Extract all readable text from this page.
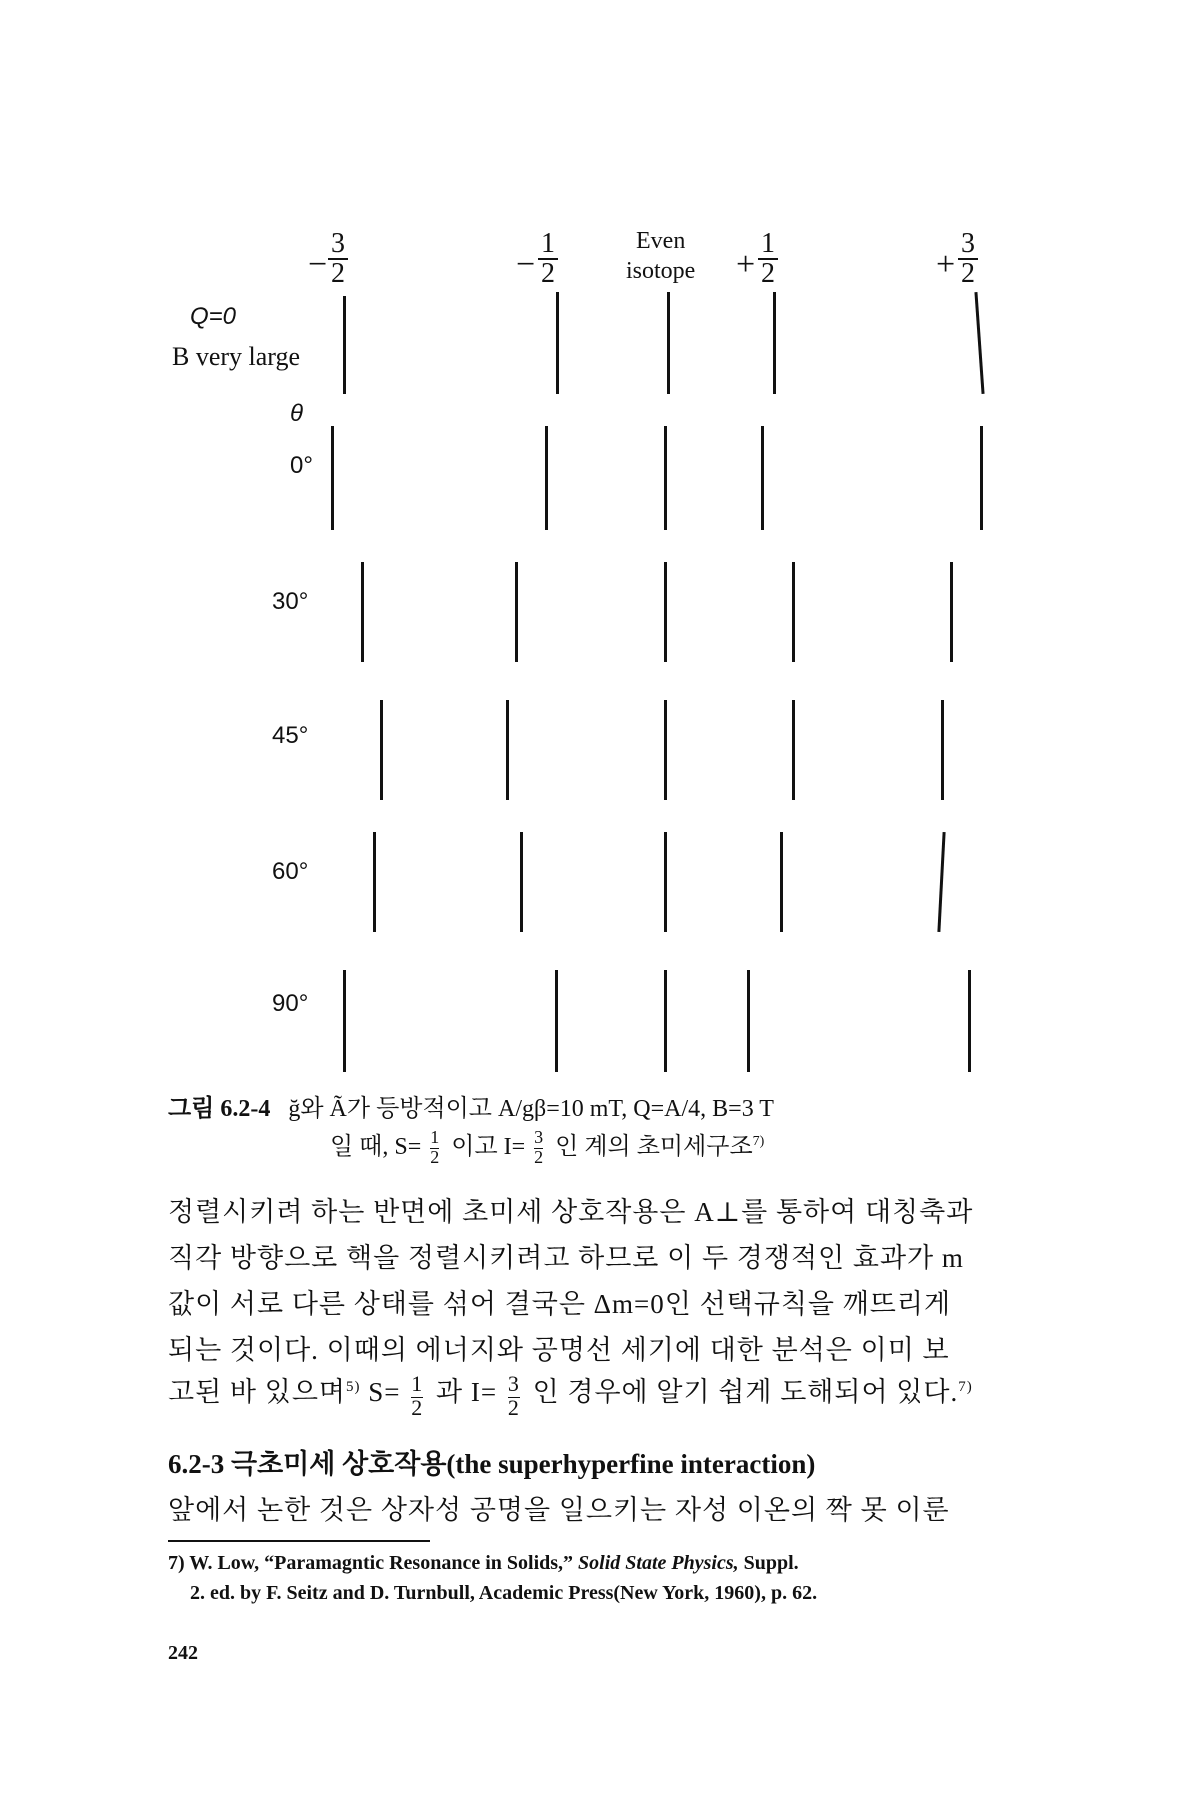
− $\frac{3}{2}$	− $\frac{1}{2}$	Even
isotope + $\frac{1}{2}$	+ $\frac{3}{2}$
Q=0
B very large
θ
0°
30°
45°
60°
90°
그림 6.2-4 ğ와 Ã가 등방적이고 A/gβ=10 mT, Q=A/4, B=3 T
일 때, $S= \frac{1}{2}$ 이고 $I= \frac{3}{2}$ 인 계의 초미세구조$^{7)}$
정렬시키려 하는 반면에 초미세 상호작용은 A⊥를 통하여 대칭축과
직각 방향으로 핵을 정렬시키려고 하므로 이 두 경쟁적인 효과가 m
값이 서로 다른 상태를 섞어 결국은 Δm=0인 선택규칙을 깨뜨리게
되는 것이다. 이때의 에너지와 공명선 세기에 대한 분석은 이미 보
고된 바 있으며$^{5)}$ $S= \frac{1}{2}$ 과 $I= \frac{3}{2}$ 인 경우에 알기 쉽게 도해되어 있다.$^{7)}$
6.2-3 극초미세 상호작용(the superhyperfine interaction)
앞에서 논한 것은 상자성 공명을 일으키는 자성 이온의 짝 못 이룬
7) W. Low, “Paramagntic Resonance in Solids,” Solid State Physics, Suppl.
2. ed. by F. Seitz and D. Turnbull, Academic Press(New York, 1960), p. 62.
242
